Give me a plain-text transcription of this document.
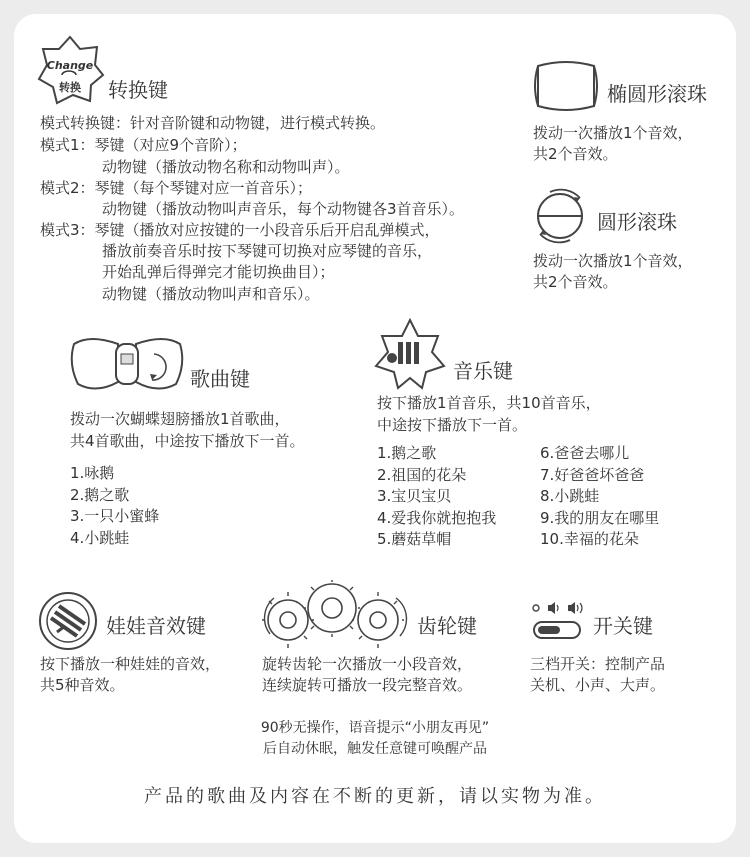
Change
转换 转换键
模式转换键：针对音阶键和动物键，进行模式转换。
模式1：琴键（对应9个音阶）；
动物键（播放动物名称和动物叫声）。
模式2：琴键（每个琴键对应一首音乐）；
动物键（播放动物叫声音乐，每个动物键各3首音乐）。
模式3：琴键（播放对应按键的一小段音乐后开启乱弹模式，
播放前奏音乐时按下琴键可切换对应琴键的音乐，
开始乱弹后得弹完才能切换曲目）；
动物键（播放动物叫声和音乐）。
椭圆形滚珠
拨动一次播放1个音效，
共2个音效。
圆形滚珠
拨动一次播放1个音效，
共2个音效。
歌曲键
拨动一次蝴蝶翅膀播放1首歌曲，
共4首歌曲，中途按下播放下一首。
1.咏鹅
2.鹅之歌
3.一只小蜜蜂
4.小跳蛙
音乐键
按下播放1首音乐，共10首音乐，
中途按下播放下一首。
1.鹅之歌
2.祖国的花朵
3.宝贝宝贝
4.爱我你就抱抱我
5.蘑菇草帽
6.爸爸去哪儿
7.好爸爸坏爸爸
8.小跳蛙
9.我的朋友在哪里
10.幸福的花朵
娃娃音效键
按下播放一种娃娃的音效，
共5种音效。
齿轮键
旋转齿轮一次播放一小段音效，
连续旋转可播放一段完整音效。
开关键
三档开关：控制产品
关机、小声、大声。
90秒无操作，语音提示“小朋友再见”
后自动休眠，触发任意键可唤醒产品
产品的歌曲及内容在不断的更新，请以实物为准。
